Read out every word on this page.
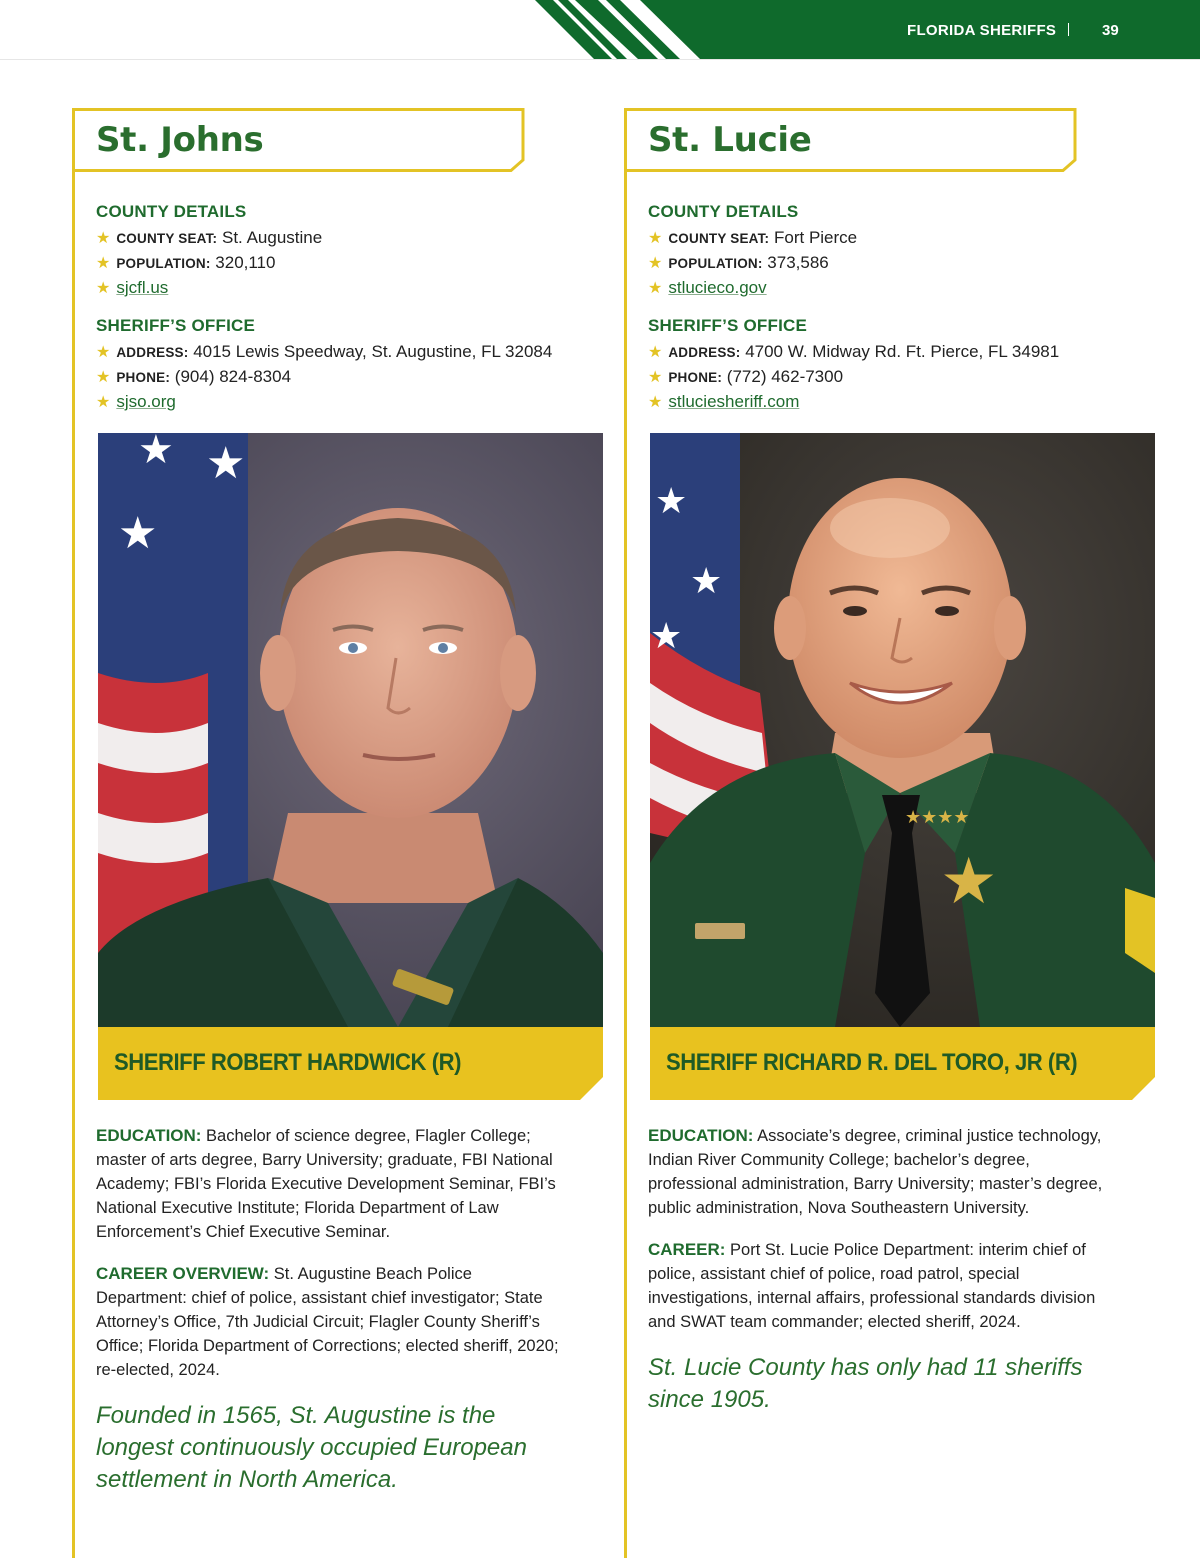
FLORIDA SHERIFFS	39
St. Johns
COUNTY DETAILS
★ COUNTY SEAT: St. Augustine
★ POPULATION: 320,110
★ sjcfl.us
SHERIFF’S OFFICE
★ ADDRESS: 4015 Lewis Speedway, St. Augustine, FL 32084
★ PHONE: (904) 824-8304
★ sjso.org
★ ★
★
SHERIFF ROBERT HARDWICK (R)

EDUCATION: Bachelor of science degree, Flagler College; master of arts degree, Barry University; graduate, FBI National Academy; FBI’s Florida Executive Development Seminar, FBI’s National Executive Institute; Florida Department of Law Enforcement’s Chief Executive Seminar.

CAREER OVERVIEW: St. Augustine Beach Police Department: chief of police, assistant chief investigator; State Attorney’s Office, 7th Judicial Circuit; Flagler County Sheriff’s Office; Florida Department of Corrections; elected sheriff, 2020; re-elected, 2024.

Founded in 1565, St. Augustine is the longest continuously occupied European settlement in North America.
St. Lucie
COUNTY DETAILS
★ COUNTY SEAT: Fort Pierce
★ POPULATION: 373,586
★ stlucieco.gov
SHERIFF’S OFFICE
★ ADDRESS: 4700 W. Midway Rd. Ft. Pierce, FL 34981
★ PHONE: (772) 462-7300
★ stluciesheriff.com
★
★
★
★
★★★★
SHERIFF RICHARD R. DEL TORO, JR (R)

EDUCATION: Associate’s degree, criminal justice technology, Indian River Community College; bachelor’s degree, professional administration, Barry University; master’s degree, public administration, Nova Southeastern University.

CAREER: Port St. Lucie Police Department: interim chief of police, assistant chief of police, road patrol, special investigations, internal affairs, professional standards division and SWAT team commander; elected sheriff, 2024.

St. Lucie County has only had 11 sheriffs since 1905.
